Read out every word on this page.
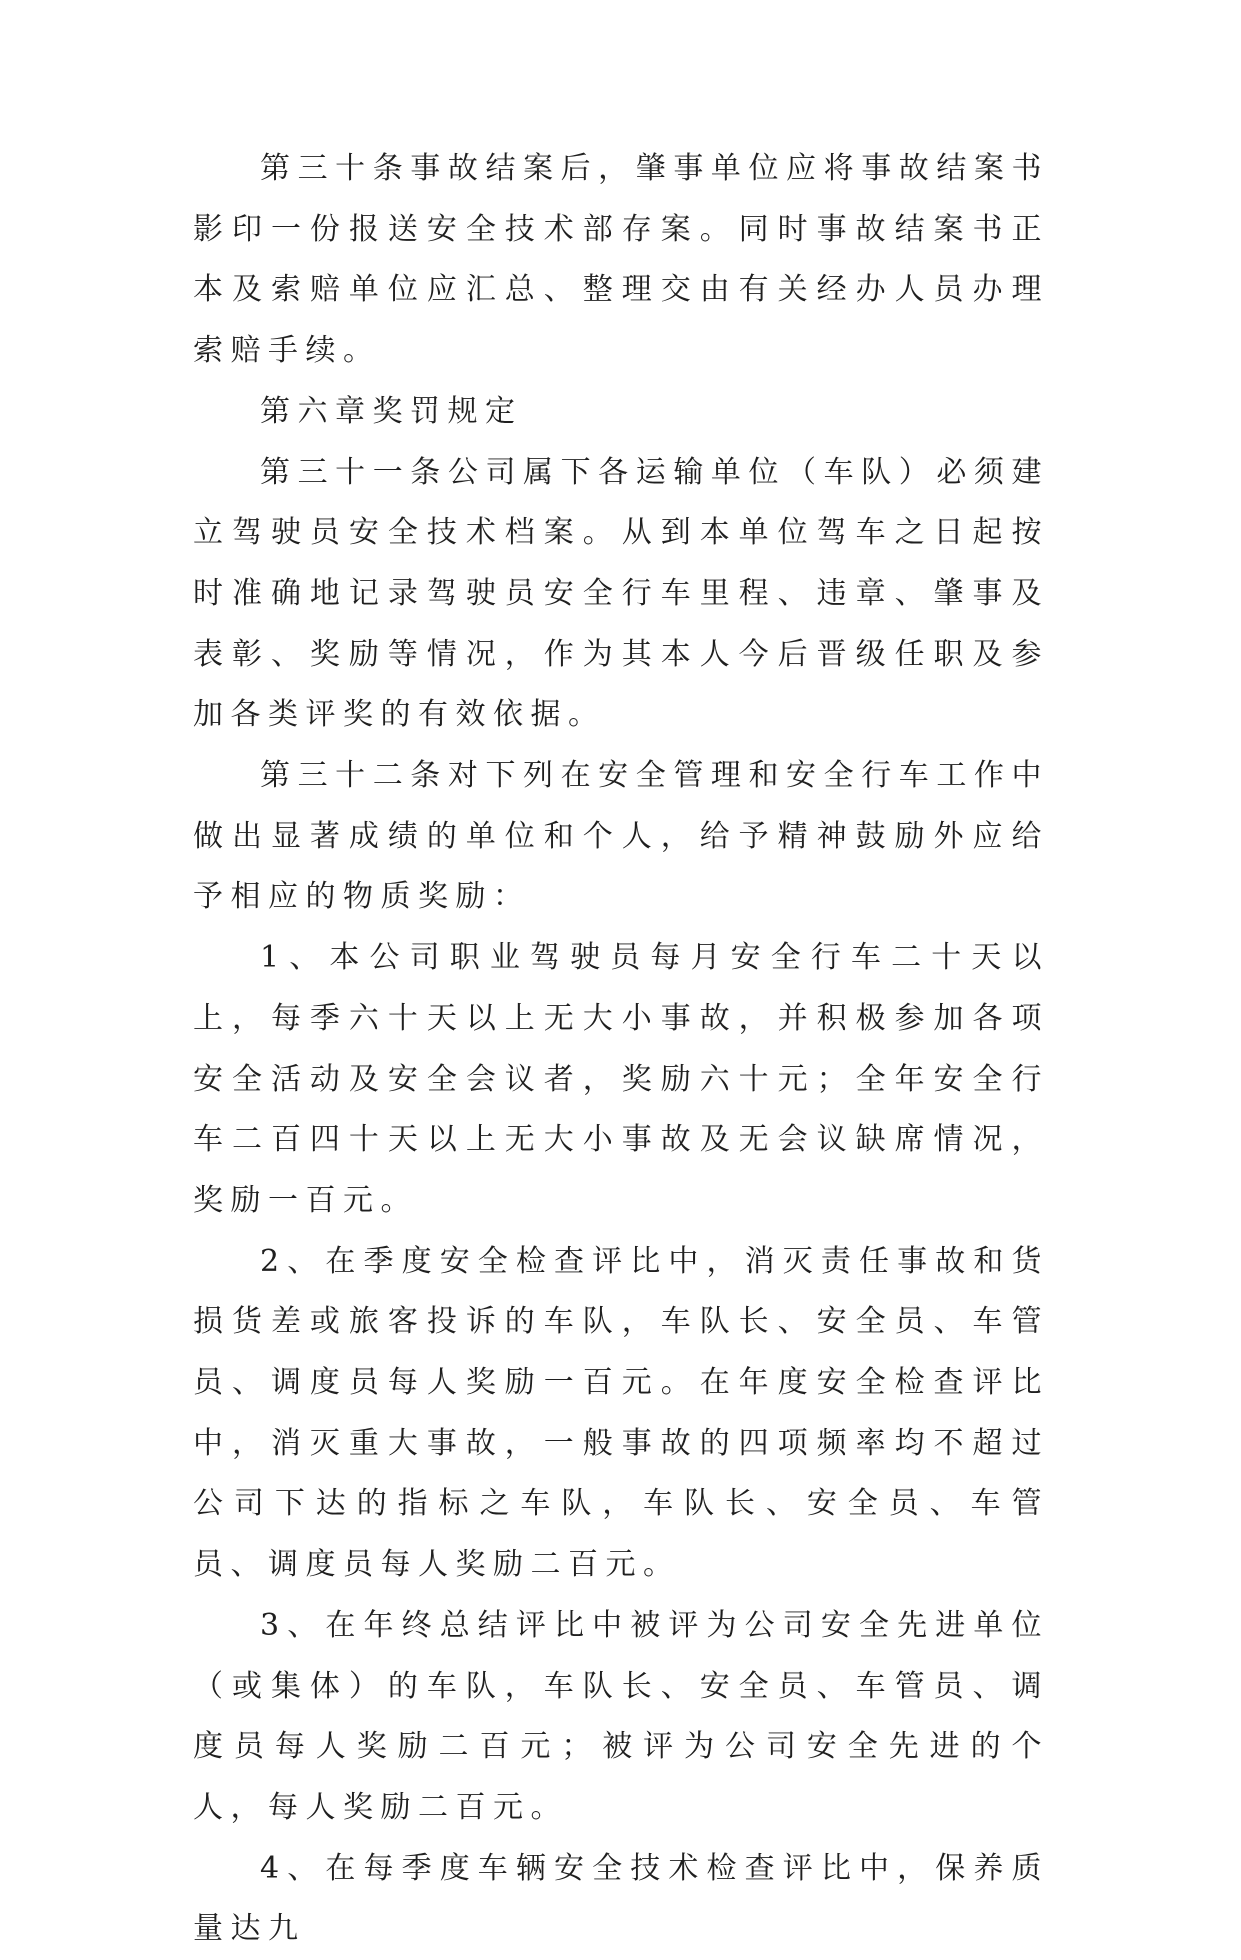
第三十条事故结案后，肇事单位应将事故结案书影印一份报送安全技术部存案。同时事故结案书正本及索赔单位应汇总、整理交由有关经办人员办理索赔手续。

第六章奖罚规定

第三十一条公司属下各运输单位（车队）必须建立驾驶员安全技术档案。从到本单位驾车之日起按时准确地记录驾驶员安全行车里程、违章、肇事及表彰、奖励等情况，作为其本人今后晋级任职及参加各类评奖的有效依据。

第三十二条对下列在安全管理和安全行车工作中做出显著成绩的单位和个人，给予精神鼓励外应给予相应的物质奖励：

1、本公司职业驾驶员每月安全行车二十天以上，每季六十天以上无大小事故，并积极参加各项安全活动及安全会议者，奖励六十元；全年安全行车二百四十天以上无大小事故及无会议缺席情况，奖励一百元。

2、在季度安全检查评比中，消灭责任事故和货损货差或旅客投诉的车队，车队长、安全员、车管员、调度员每人奖励一百元。在年度安全检查评比中，消灭重大事故，一般事故的四项频率均不超过公司下达的指标之车队，车队长、安全员、车管员、调度员每人奖励二百元。

3、在年终总结评比中被评为公司安全先进单位（或集体）的车队，车队长、安全员、车管员、调度员每人奖励二百元；被评为公司安全先进的个人，每人奖励二百元。

4、在每季度车辆安全技术检查评比中，保养质量达九
